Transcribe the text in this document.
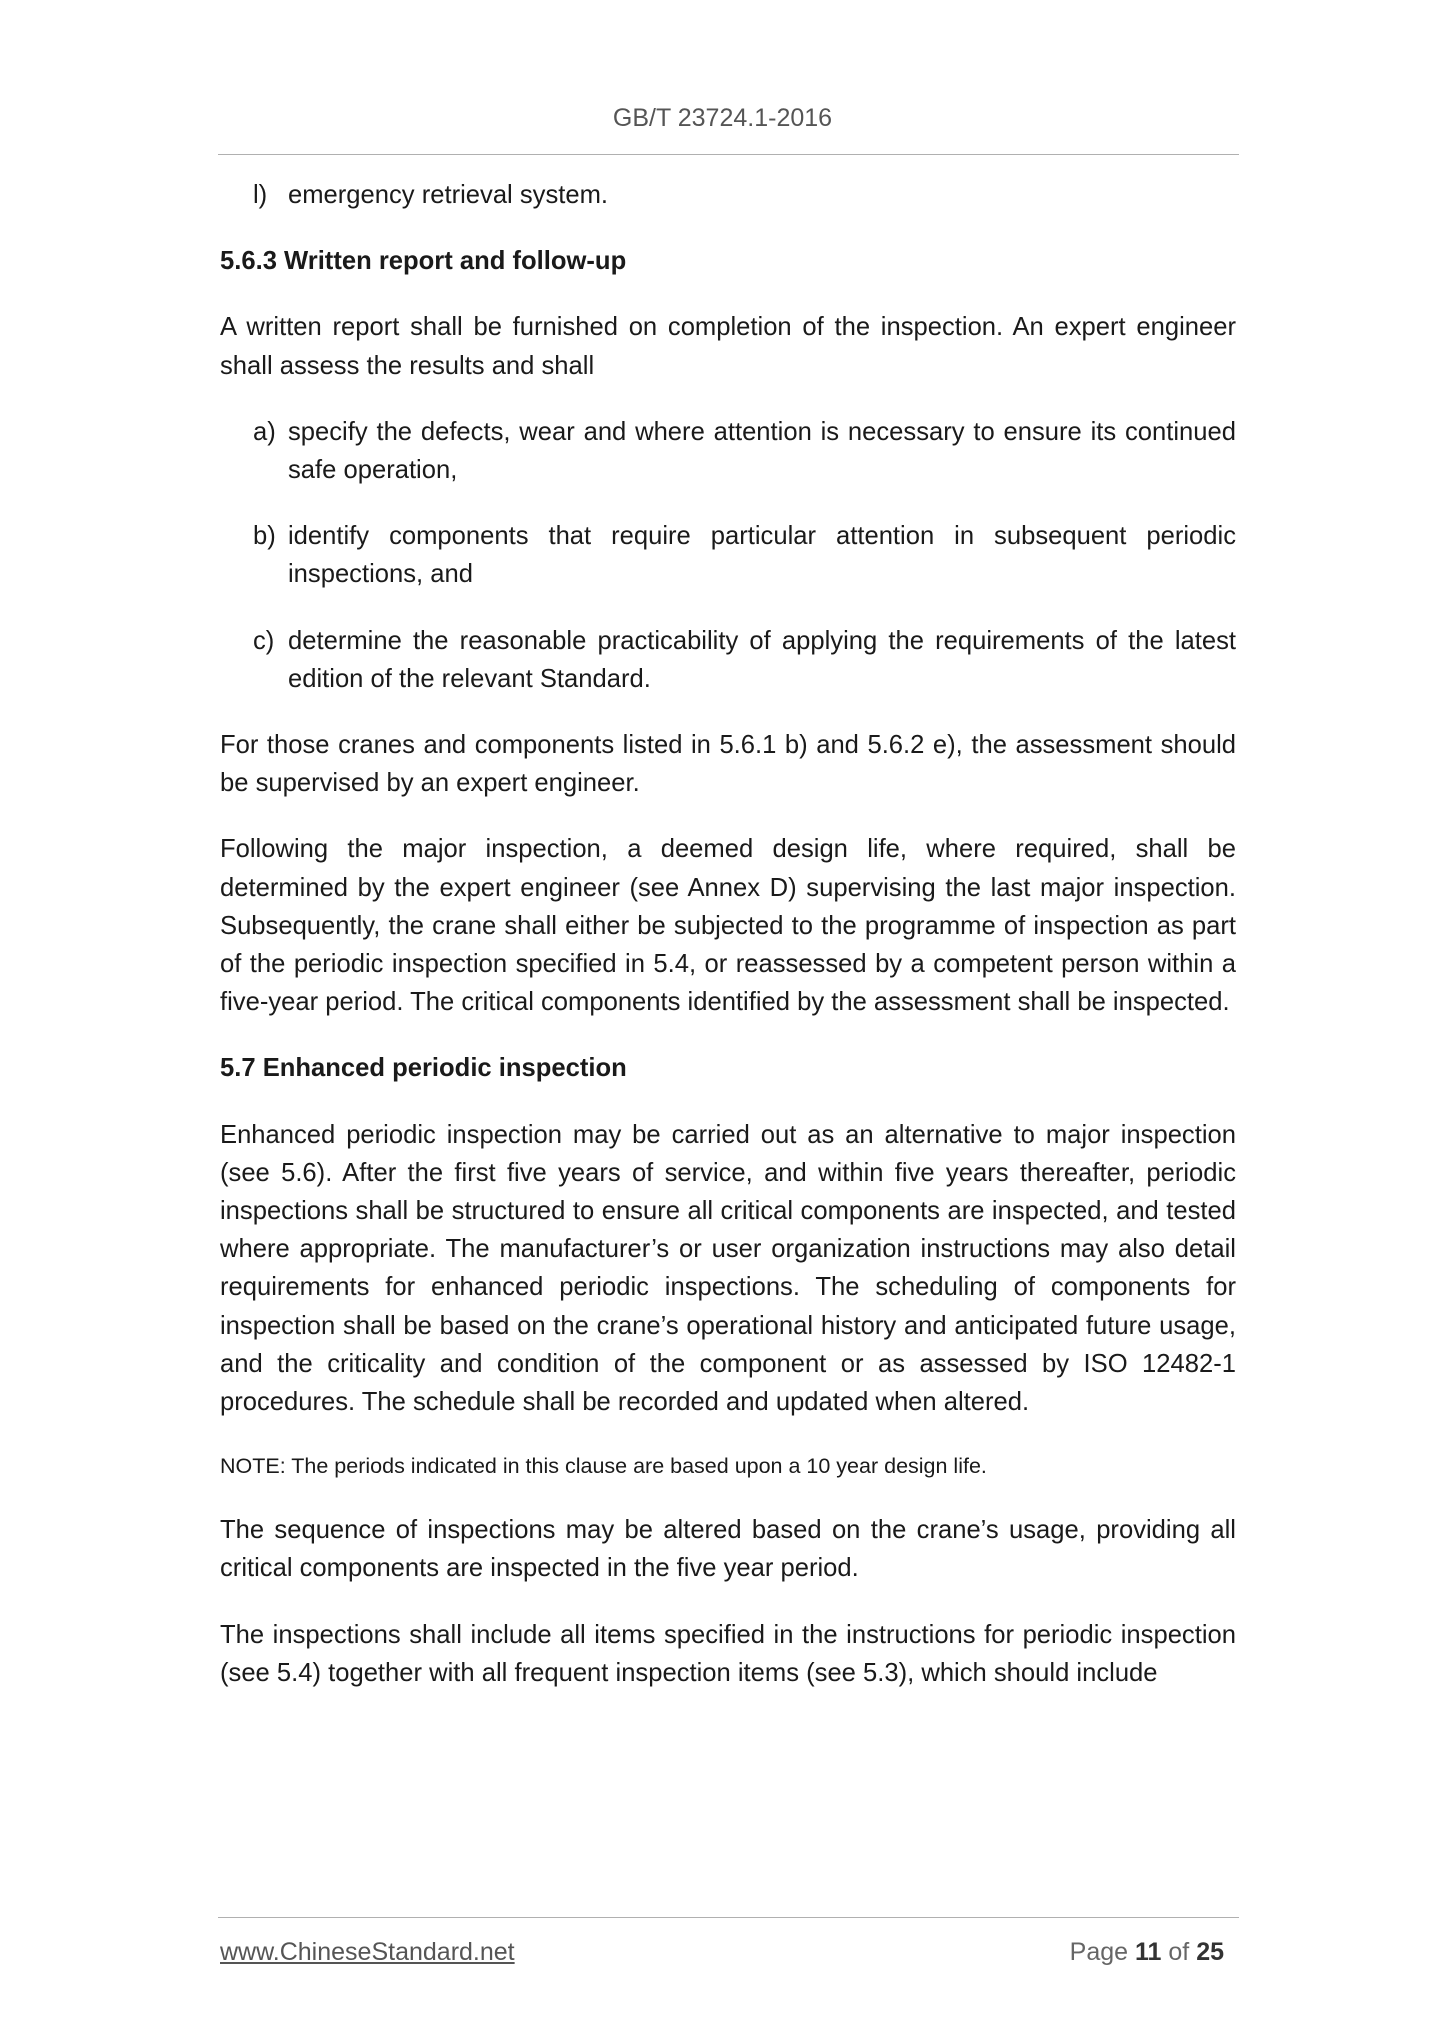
GB/T 23724.1-2016

l) emergency retrieval system.

5.6.3 Written report and follow-up

A written report shall be furnished on completion of the inspection. An expert engineer shall assess the results and shall

a) specify the defects, wear and where attention is necessary to ensure its continued safe operation,

b) identify components that require particular attention in subsequent periodic inspections, and

c) determine the reasonable practicability of applying the requirements of the latest edition of the relevant Standard.

For those cranes and components listed in 5.6.1 b) and 5.6.2 e), the assessment should be supervised by an expert engineer.

Following the major inspection, a deemed design life, where required, shall be determined by the expert engineer (see Annex D) supervising the last major inspection. Subsequently, the crane shall either be subjected to the programme of inspection as part of the periodic inspection specified in 5.4, or reassessed by a competent person within a five-year period. The critical components identified by the assessment shall be inspected.

5.7 Enhanced periodic inspection

Enhanced periodic inspection may be carried out as an alternative to major inspection (see 5.6). After the first five years of service, and within five years thereafter, periodic inspections shall be structured to ensure all critical components are inspected, and tested where appropriate. The manufacturer’s or user organization instructions may also detail requirements for enhanced periodic inspections. The scheduling of components for inspection shall be based on the crane’s operational history and anticipated future usage, and the criticality and condition of the component or as assessed by ISO 12482-1 procedures. The schedule shall be recorded and updated when altered.

NOTE: The periods indicated in this clause are based upon a 10 year design life.

The sequence of inspections may be altered based on the crane’s usage, providing all critical components are inspected in the five year period.

The inspections shall include all items specified in the instructions for periodic inspection (see 5.4) together with all frequent inspection items (see 5.3), which should include

www.ChineseStandard.net	Page 11 of 25
